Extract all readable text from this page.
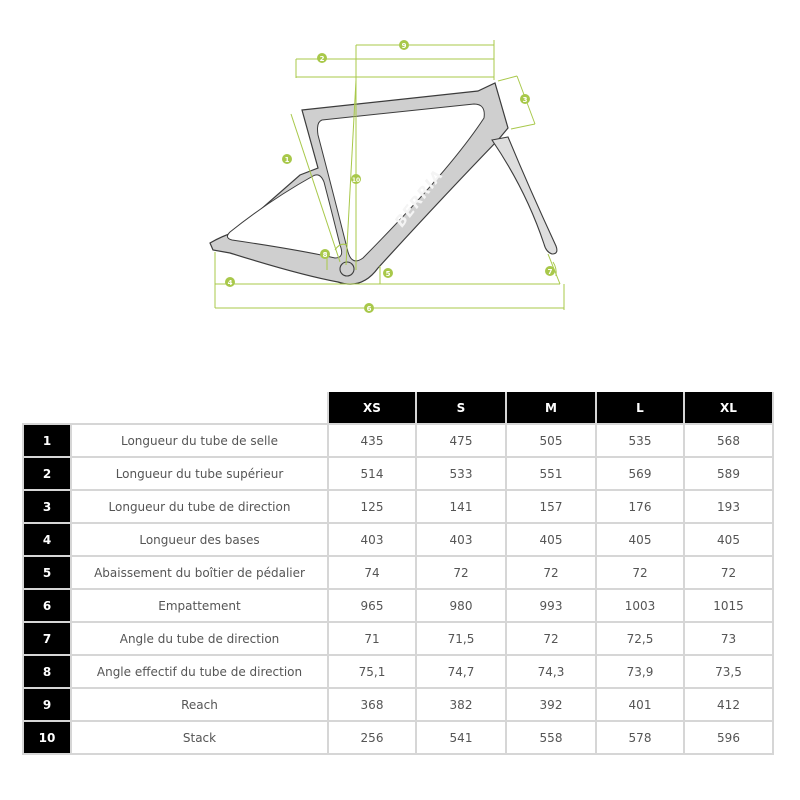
BERRIA
1
2
3
4
5
6
7
8
9
10
		XS	S	M	L	XL
1	Longueur du tube de selle	435	475	505	535	568
2	Longueur du tube supérieur	514	533	551	569	589
3	Longueur du tube de direction	125	141	157	176	193
4	Longueur des bases	403	403	405	405	405
5	Abaissement du boîtier de pédalier	74	72	72	72	72
6	Empattement	965	980	993	1003	1015
7	Angle du tube de direction	71	71,5	72	72,5	73
8	Angle effectif du tube de direction	75,1	74,7	74,3	73,9	73,5
9	Reach	368	382	392	401	412
10	Stack	256	541	558	578	596
